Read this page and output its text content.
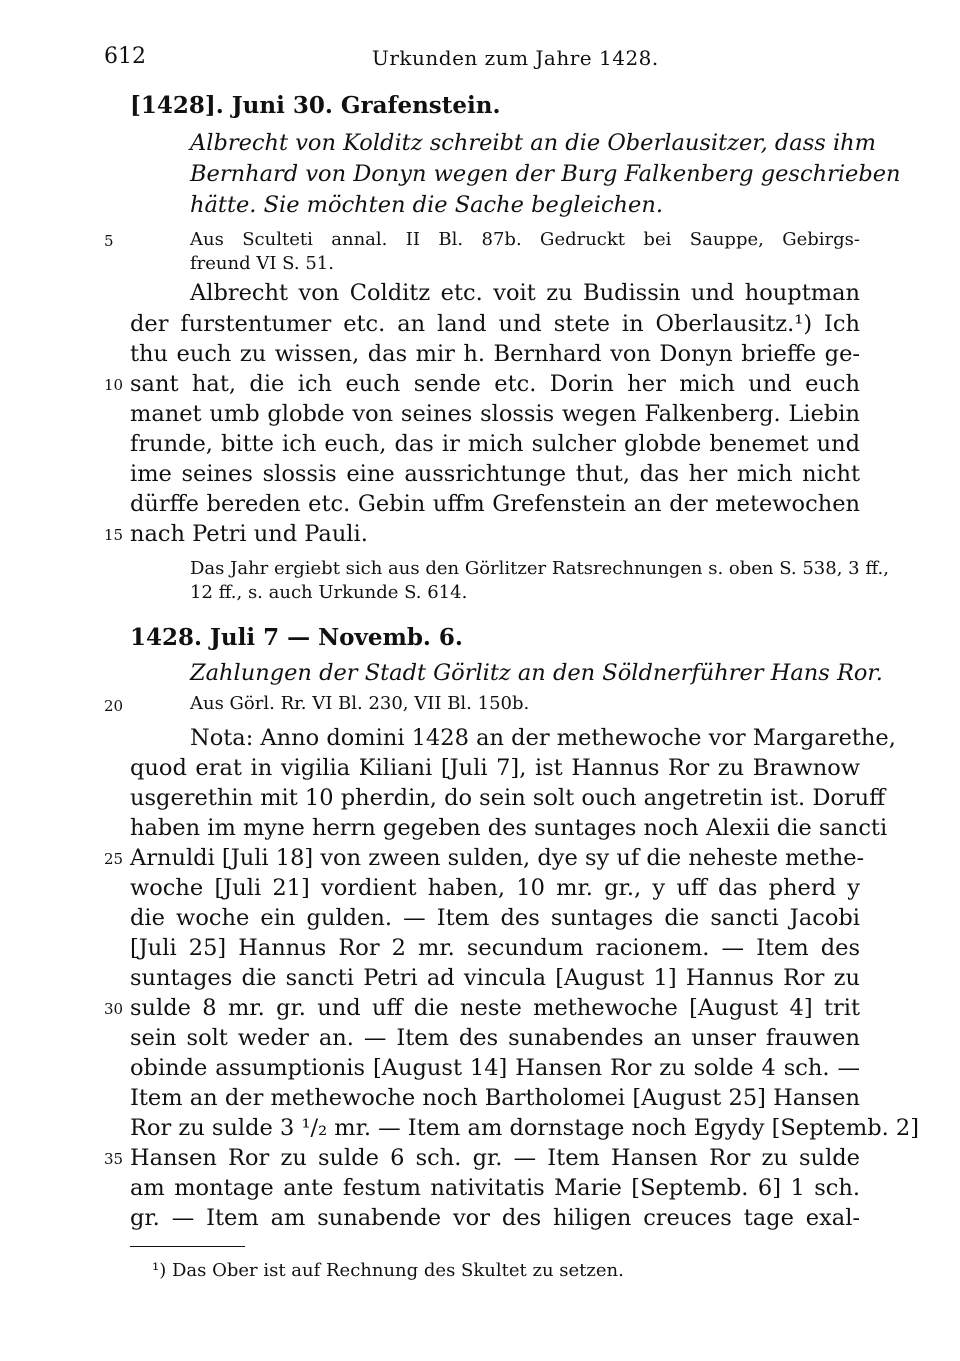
612	Urkunden zum Jahre 1428.
[1428]. Juni 30. Grafenstein.
Albrecht von Kolditz schreibt an die Oberlausitzer, dass ihm
Bernhard von Donyn wegen der Burg Falkenberg geschrieben
hätte. Sie möchten die Sache begleichen.
5	Aus Sculteti annal. II Bl. 87b. Gedruckt bei Sauppe, Gebirgs-
freund VI S. 51.
Albrecht von Colditz etc. voit zu Budissin und houptman
der furstentumer etc. an land und stete in Oberlausitz.¹) Ich
thu euch zu wissen, das mir h. Bernhard von Donyn brieffe ge-
10 sant hat, die ich euch sende etc. Dorin her mich und euch
manet umb globde von seines slossis wegen Falkenberg. Liebin
frunde, bitte ich euch, das ir mich sulcher globde benemet und
ime seines slossis eine aussrichtunge thut, das her mich nicht
dürffe bereden etc. Gebin uffm Grefenstein an der metewochen
15 nach Petri und Pauli.
Das Jahr ergiebt sich aus den Görlitzer Ratsrechnungen s. oben S. 538, 3 ff.,
12 ff., s. auch Urkunde S. 614.
1428. Juli 7 — Novemb. 6.
Zahlungen der Stadt Görlitz an den Söldnerführer Hans Ror.
20	Aus Görl. Rr. VI Bl. 230, VII Bl. 150b.
Nota: Anno domini 1428 an der methewoche vor Margarethe,
quod erat in vigilia Kiliani [Juli 7], ist Hannus Ror zu Brawnow
usgerethin mit 10 pherdin, do sein solt ouch angetretin ist. Doruff
haben im myne herrn gegeben des suntages noch Alexii die sancti
25 Arnuldi [Juli 18] von zween sulden, dye sy uf die neheste methe-
woche [Juli 21] vordient haben, 10 mr. gr., y uff das pherd y
die woche ein gulden. — Item des suntages die sancti Jacobi
[Juli 25] Hannus Ror 2 mr. secundum racionem. — Item des
suntages die sancti Petri ad vincula [August 1] Hannus Ror zu
30 sulde 8 mr. gr. und uff die neste methewoche [August 4] trit
sein solt weder an. — Item des sunabendes an unser frauwen
obinde assumptionis [August 14] Hansen Ror zu solde 4 sch. —
Item an der methewoche noch Bartholomei [August 25] Hansen
Ror zu sulde 3 ¹/₂ mr. — Item am dornstage noch Egydy [Septemb. 2]
35 Hansen Ror zu sulde 6 sch. gr. — Item Hansen Ror zu sulde
am montage ante festum nativitatis Marie [Septemb. 6] 1 sch.
gr. — Item am sunabende vor des hiligen creuces tage exal-
¹) Das Ober ist auf Rechnung des Skultet zu setzen.
